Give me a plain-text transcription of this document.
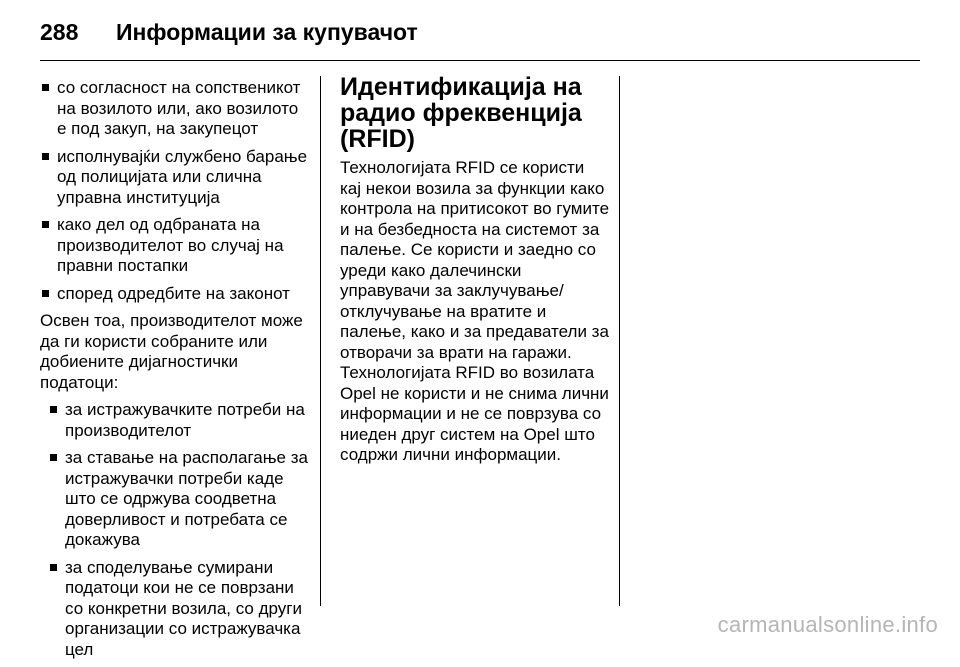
288	Информации за купувачот
со согласност на сопственикот на возилото или, ако возилото е под закуп, на закупецот
исполнувајќи службено барање од полицијата или слична управна институција
како дел од одбраната на производителот во случај на правни постапки
според одредбите на законот

Освен тоа, производителот може да ги користи собраните или добиените дијагностички податоци:

за истражувачките потреби на производителот
за ставање на располагање за истражувачки потреби каде што се одржува соодветна доверливост и потребата се докажува
за споделување сумирани податоци кои не се поврзани со конкретни возила, со други организации со истражувачка цел
Идентификација на радио фреквенција (RFID)

Технологијата RFID се користи кај некои возила за функции како контрола на притисокот во гумите и на безбедноста на системот за палење. Се користи и заедно со уреди како далечински управувачи за заклучување/отклучување на вратите и палење, како и за предаватели за отворачи за врати на гаражи. Технологијата RFID во возилата Opel не користи и не снима лични информации и не се поврзува со ниеден друг систем на Opel што содржи лични информации.

carmanualsonline.info
